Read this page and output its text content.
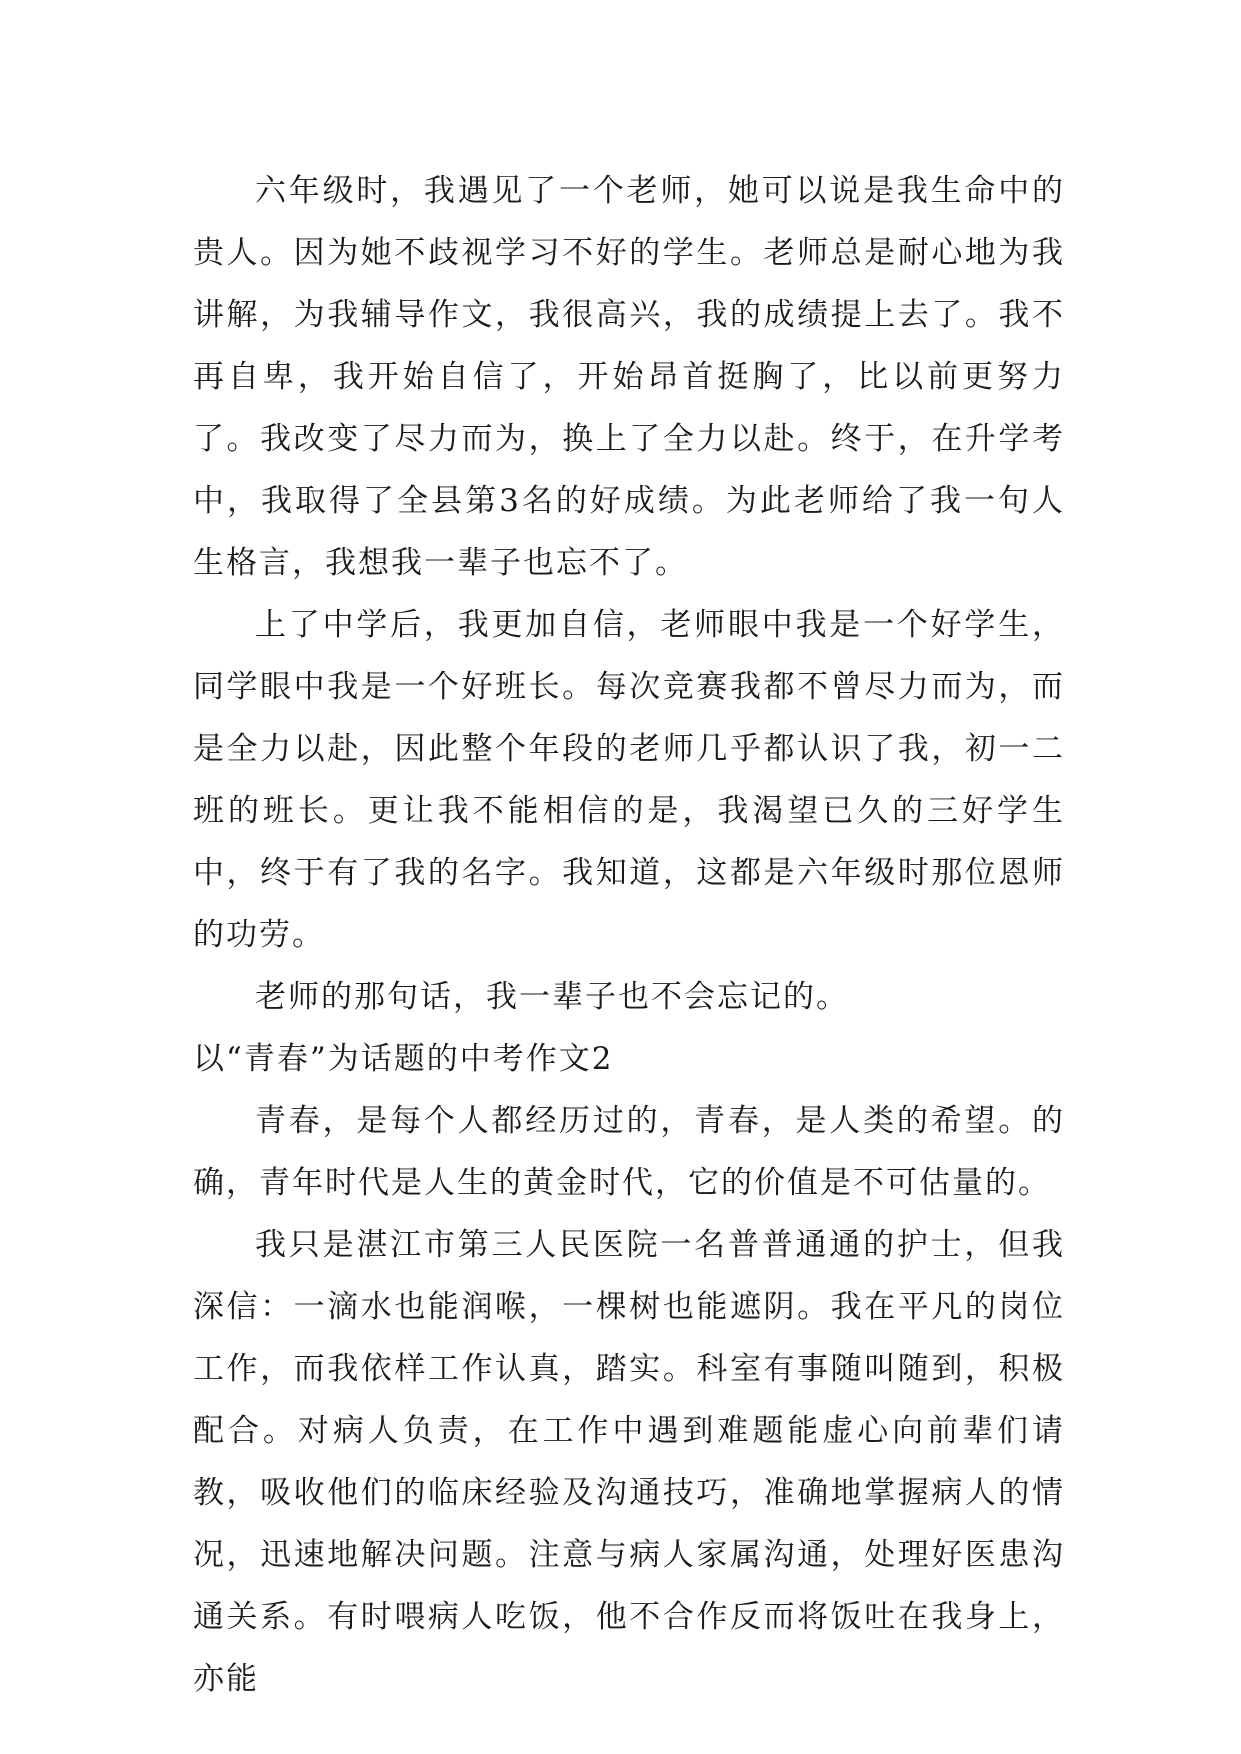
六年级时，我遇见了一个老师，她可以说是我生命中的贵人。因为她不歧视学习不好的学生。老师总是耐心地为我讲解，为我辅导作文，我很高兴，我的成绩提上去了。我不再自卑，我开始自信了，开始昂首挺胸了，比以前更努力了。我改变了尽力而为，换上了全力以赴。终于，在升学考中，我取得了全县第3名的好成绩。为此老师给了我一句人生格言，我想我一辈子也忘不了。

上了中学后，我更加自信，老师眼中我是一个好学生，同学眼中我是一个好班长。每次竞赛我都不曾尽力而为，而是全力以赴，因此整个年段的老师几乎都认识了我，初一二班的班长。更让我不能相信的是，我渴望已久的三好学生中，终于有了我的名字。我知道，这都是六年级时那位恩师的功劳。

老师的那句话，我一辈子也不会忘记的。

以“青春”为话题的中考作文2

青春，是每个人都经历过的，青春，是人类的希望。的确，青年时代是人生的黄金时代，它的价值是不可估量的。

我只是湛江市第三人民医院一名普普通通的护士，但我深信：一滴水也能润喉，一棵树也能遮阴。我在平凡的岗位工作，而我依样工作认真，踏实。科室有事随叫随到，积极配合。对病人负责，在工作中遇到难题能虚心向前辈们请教，吸收他们的临床经验及沟通技巧，准确地掌握病人的情况，迅速地解决问题。注意与病人家属沟通，处理好医患沟通关系。有时喂病人吃饭，他不合作反而将饭吐在我身上，亦能
